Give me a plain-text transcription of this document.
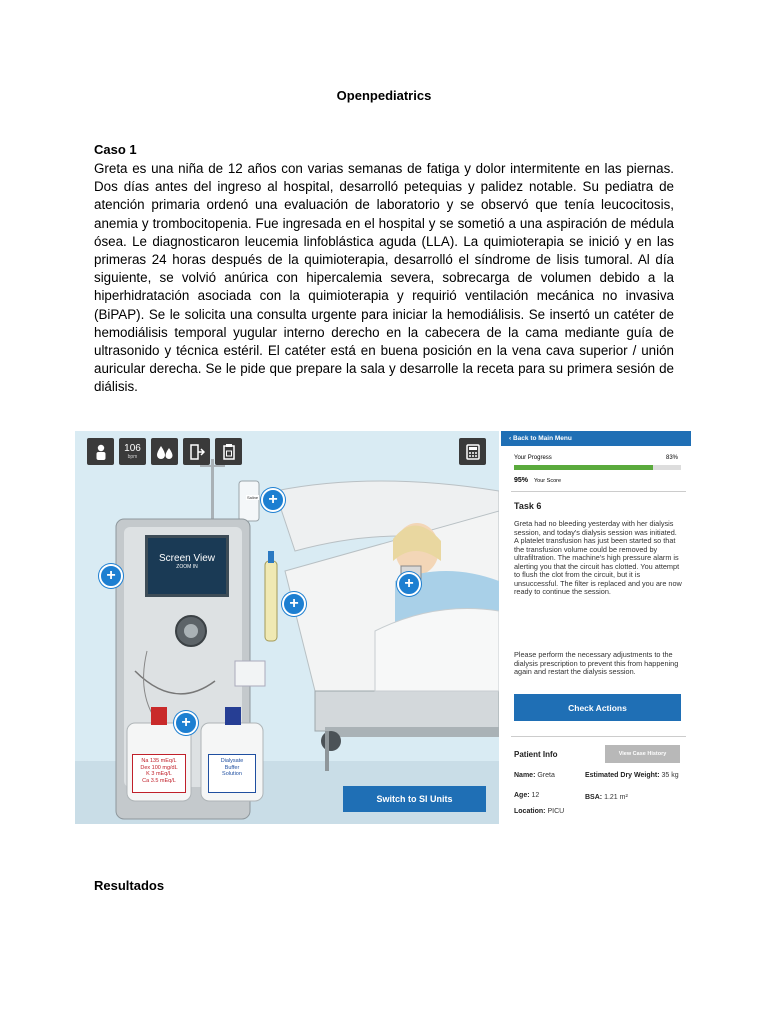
Openpediatrics
Caso 1

Greta es una niña de 12 años con varias semanas de fatiga y dolor intermitente en las piernas. Dos días antes del ingreso al hospital, desarrolló petequias y palidez notable. Su pediatra de atención primaria ordenó una evaluación de laboratorio y se observó que tenía leucocitosis, anemia y trombocitopenia. Fue ingresada en el hospital y se sometió a una aspiración de médula ósea. Le diagnosticaron leucemia linfoblástica aguda (LLA). La quimioterapia se inició y en las primeras 24 horas después de la quimioterapia, desarrolló el síndrome de lisis tumoral. Al día siguiente, se volvió anúrica con hipercalemia severa, sobrecarga de volumen debido a la hiperhidratación asociada con la quimioterapia y requirió ventilación mecánica no invasiva (BiPAP). Se le solicita una consulta urgente para iniciar la hemodiálisis. Se insertó un catéter de hemodiálisis temporal yugular interno derecho en la cabecera de la cama mediante guía de ultrasonido y técnica estéril. El catéter está en buena posición en la vena cava superior / unión auricular derecha. Se le pide que prepare la sala y desarrolle la receta para su primera sesión de diálisis.

106
bpm
Saline
Screen View
ZOOM IN
+
+
+
+
+
Na 135 mEq/L
Dex 100 mg/dL
K 3 mEq/L
Ca 3.5 mEq/L
Dialysate
Buffer
Solution
Switch to SI Units
‹ Back to Main Menu
Your Progress	83%
95% Your Score
Task 6

Greta had no bleeding yesterday with her dialysis session, and today's dialysis session was initiated. A platelet transfusion has just been started so that the transfusion volume could be removed by ultrafiltration. The machine's high pressure alarm is alerting you that the circuit has clotted. You attempt to flush the clot from the circuit, but it is unsuccessful. The filter is replaced and you are now ready to continue the session.

Please perform the necessary adjustments to the dialysis prescription to prevent this from happening again and restart the dialysis session.

Check Actions
Patient Info	View Case History
Name: Greta	Estimated Dry Weight: 35 kg
Age: 12	BSA: 1.21 m²
Location: PICU
Resultados
